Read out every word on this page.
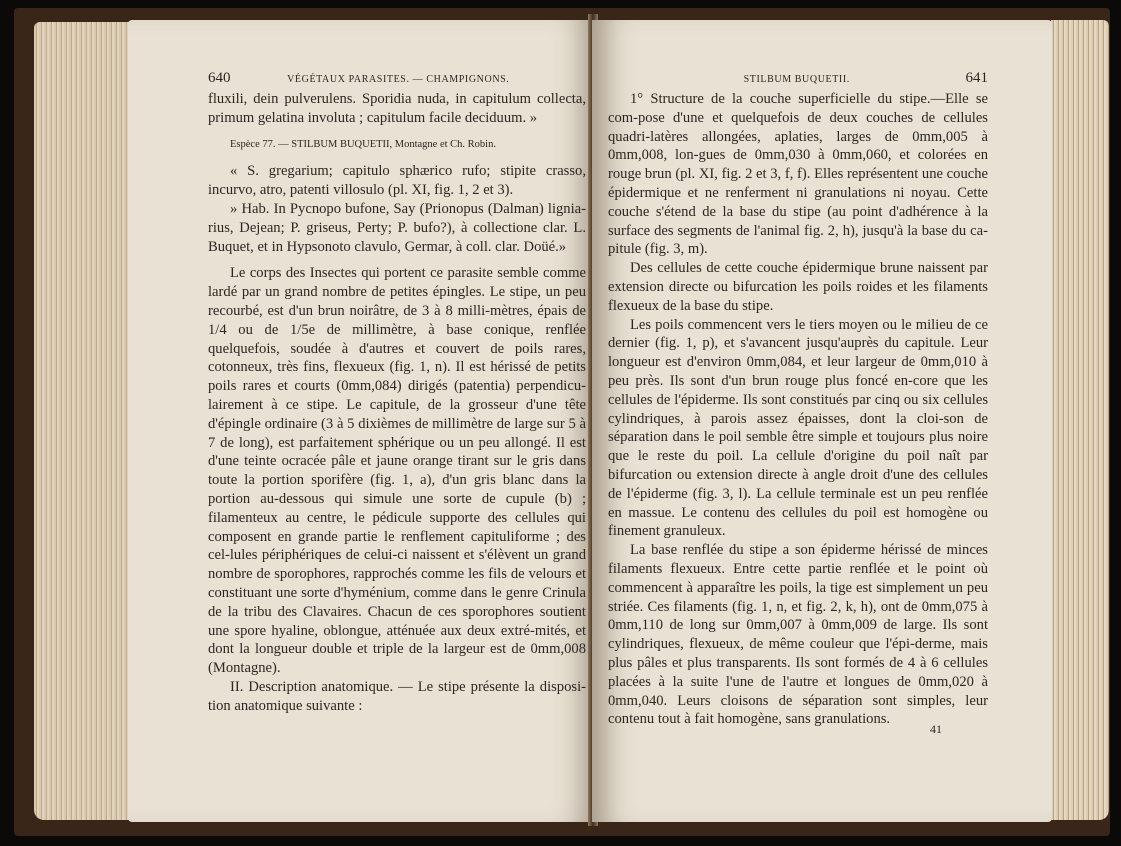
640	VÉGÉTAUX PARASITES. — CHAMPIGNONS.

fluxili, dein pulverulens. Sporidia nuda, in capitulum collecta, primum gelatina involuta ; capitulum facile deciduum. »

Espèce 77. — STILBUM BUQUETII, Montagne et Ch. Robin.

« S. gregarium; capitulo sphærico rufo; stipite crasso, incurvo, atro, patenti villosulo (pl. XI, fig. 1, 2 et 3).

» Hab. In Pycnopo bufone, Say (Prionopus (Dalman) lignia-rius, Dejean; P. griseus, Perty; P. bufo?), à collectione clar. L. Buquet, et in Hypsonoto clavulo, Germar, à coll. clar. Doüé.»

Le corps des Insectes qui portent ce parasite semble comme lardé par un grand nombre de petites épingles. Le stipe, un peu recourbé, est d'un brun noirâtre, de 3 à 8 milli-mètres, épais de 1/4 ou de 1/5e de millimètre, à base conique, renflée quelquefois, soudée à d'autres et couvert de poils rares, cotonneux, très fins, flexueux (fig. 1, n). Il est hérissé de petits poils rares et courts (0mm,084) dirigés (patentia) perpendicu-lairement à ce stipe. Le capitule, de la grosseur d'une tête d'épingle ordinaire (3 à 5 dixièmes de millimètre de large sur 5 à 7 de long), est parfaitement sphérique ou un peu allongé. Il est d'une teinte ocracée pâle et jaune orange tirant sur le gris dans toute la portion sporifère (fig. 1, a), d'un gris blanc dans la portion au-dessous qui simule une sorte de cupule (b) ; filamenteux au centre, le pédicule supporte des cellules qui composent en grande partie le renflement capituliforme ; des cel-lules périphériques de celui-ci naissent et s'élèvent un grand nombre de sporophores, rapprochés comme les fils de velours et constituant une sorte d'hyménium, comme dans le genre Crinula de la tribu des Clavaires. Chacun de ces sporophores soutient une spore hyaline, oblongue, atténuée aux deux extré-mités, et dont la longueur double et triple de la largeur est de 0mm,008 (Montagne).

II. Description anatomique. — Le stipe présente la disposi-tion anatomique suivante :

STILBUM BUQUETII.	641

1° Structure de la couche superficielle du stipe.—Elle se com-pose d'une et quelquefois de deux couches de cellules quadri-latères allongées, aplaties, larges de 0mm,005 à 0mm,008, lon-gues de 0mm,030 à 0mm,060, et colorées en rouge brun (pl. XI, fig. 2 et 3, f, f). Elles représentent une couche épidermique et ne renferment ni granulations ni noyau. Cette couche s'étend de la base du stipe (au point d'adhérence à la surface des segments de l'animal fig. 2, h), jusqu'à la base du ca-pitule (fig. 3, m).

Des cellules de cette couche épidermique brune naissent par extension directe ou bifurcation les poils roides et les filaments flexueux de la base du stipe.

Les poils commencent vers le tiers moyen ou le milieu de ce dernier (fig. 1, p), et s'avancent jusqu'auprès du capitule. Leur longueur est d'environ 0mm,084, et leur largeur de 0mm,010 à peu près. Ils sont d'un brun rouge plus foncé en-core que les cellules de l'épiderme. Ils sont constitués par cinq ou six cellules cylindriques, à parois assez épaisses, dont la cloi-son de séparation dans le poil semble être simple et toujours plus noire que le reste du poil. La cellule d'origine du poil naît par bifurcation ou extension directe à angle droit d'une des cellules de l'épiderme (fig. 3, l). La cellule terminale est un peu renflée en massue. Le contenu des cellules du poil est homogène ou finement granuleux.

La base renflée du stipe a son épiderme hérissé de minces filaments flexueux. Entre cette partie renflée et le point où commencent à apparaître les poils, la tige est simplement un peu striée. Ces filaments (fig. 1, n, et fig. 2, k, h), ont de 0mm,075 à 0mm,110 de long sur 0mm,007 à 0mm,009 de large. Ils sont cylindriques, flexueux, de même couleur que l'épi-derme, mais plus pâles et plus transparents. Ils sont formés de 4 à 6 cellules placées à la suite l'une de l'autre et longues de 0mm,020 à 0mm,040. Leurs cloisons de séparation sont simples, leur contenu tout à fait homogène, sans granulations.

41
